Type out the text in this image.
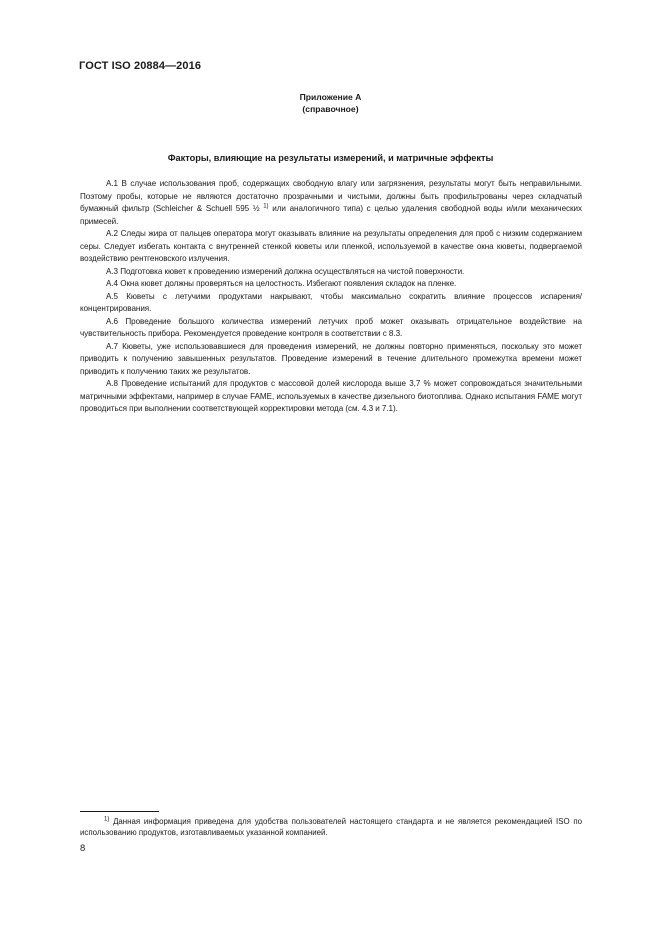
ГОСТ ISO 20884—2016
Приложение А
(справочное)
Факторы, влияющие на результаты измерений, и матричные эффекты

А.1 В случае использования проб, содержащих свободную влагу или загрязнения, результаты могут быть неправильными. Поэтому пробы, которые не являются достаточно прозрачными и чистыми, должны быть профильтрованы через складчатый бумажный фильтр (Schleicher & Schuell 595 ½ $^{1)}$ или аналогичного типа) с целью удаления свободной воды и/или механических примесей.

А.2 Следы жира от пальцев оператора могут оказывать влияние на результаты определения для проб с низким содержанием серы. Следует избегать контакта с внутренней стенкой кюветы или пленкой, используемой в качестве окна кюветы, подвергаемой воздействию рентгеновского излучения.

А.3 Подготовка кювет к проведению измерений должна осуществляться на чистой поверхности.

А.4 Окна кювет должны проверяться на целостность. Избегают появления складок на пленке.

А.5 Кюветы с летучими продуктами накрывают, чтобы максимально сократить влияние процессов испарения/концентрирования.

А.6 Проведение большого количества измерений летучих проб может оказывать отрицательное воздействие на чувствительность прибора. Рекомендуется проведение контроля в соответствии с 8.3.

А.7 Кюветы, уже использовавшиеся для проведения измерений, не должны повторно применяться, поскольку это может приводить к получению завышенных результатов. Проведение измерений в течение длительного промежутка времени может приводить к получению таких же результатов.

А.8 Проведение испытаний для продуктов с массовой долей кислорода выше 3,7 % может сопровождаться значительными матричными эффектами, например в случае FAME, используемых в качестве дизельного биотоплива. Однако испытания FAME могут проводиться при выполнении соответствующей корректировки метода (см. 4.3 и 7.1).

$^{1)}$ Данная информация приведена для удобства пользователей настоящего стандарта и не является рекомендацией ISO по использованию продуктов, изготавливаемых указанной компанией.
8
